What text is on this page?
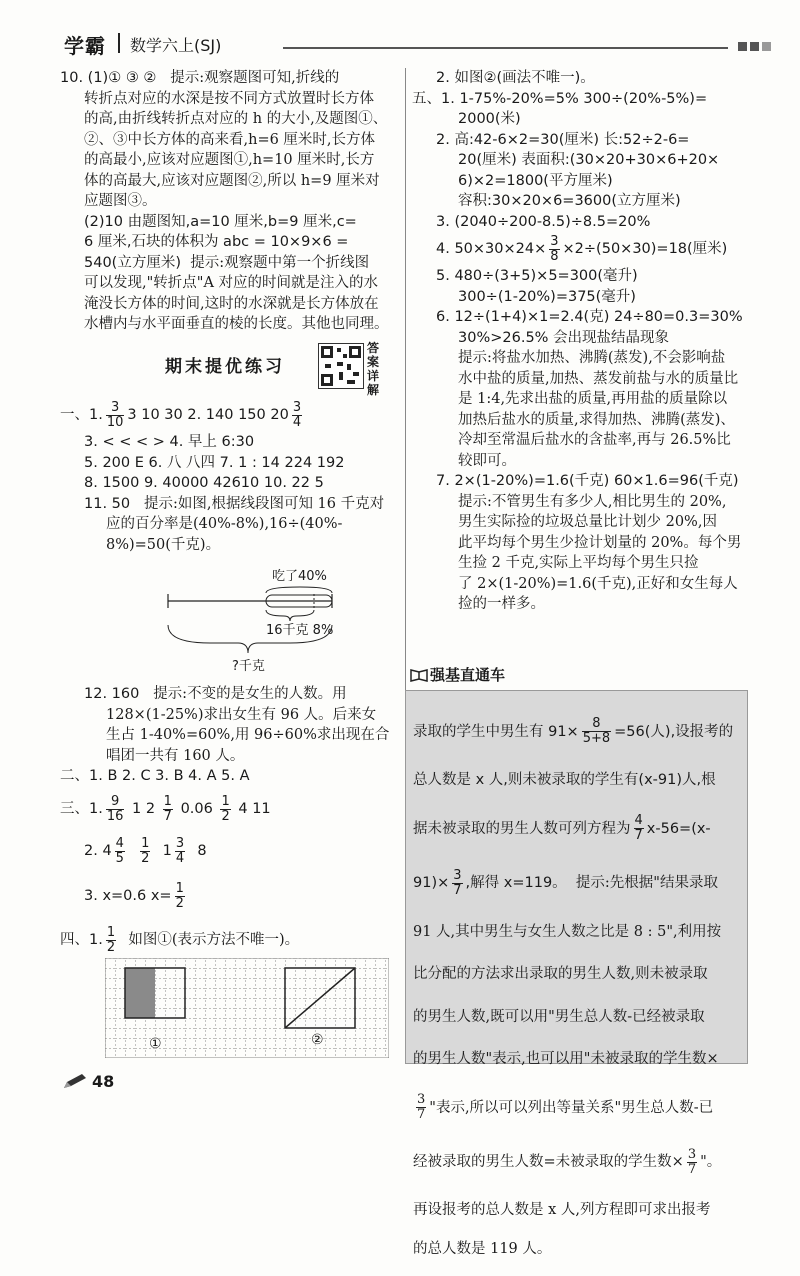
学霸 数学六上(SJ)

10. (1)① ③ ② 提示:观察题图可知,折线的

转折点对应的水深是按不同方式放置时长方体

的高,由折线转折点对应的 h 的大小,及题图①、

②、③中长方体的高来看,h=6 厘米时,长方体

的高最小,应该对应题图①,h=10 厘米时,长方

体的高最大,应该对应题图②,所以 h=9 厘米对

应题图③。

(2)10 由题图知,a=10 厘米,b=9 厘米,c=

6 厘米,石块的体积为 abc = 10×9×6 =

540(立方厘米) 提示:观察题中第一个折线图

可以发现,"转折点"A 对应的时间就是注入的水

淹没长方体的时间,这时的水深就是长方体放在

水槽内与水平面垂直的棱的长度。其他也同理。

期末提优练习
答案详解

一、1. $\frac{3}{10} 3$ 10 30 2. 140 150 $20 \frac{3}{4}$

3. < < < > 4. 早上 6:30

5. 200 E 6. 八 八四 7. 1 : 14 224 192

8. 1500 9. 40000 42610 10. 22 5

11. 50 提示:如图,根据线段图可知 16 千克对

应的百分率是(40%-8%),16÷(40%-

8%)=50(千克)。

吃了40%
16千克 8%
?千克

12. 160 提示:不变的是女生的人数。用

128×(1-25%)求出女生有 96 人。后来女

生占 1-40%=60%,用 96÷60%求出现在合

唱团一共有 160 人。

二、1. B 2. C 3. B 4. A 5. A

三、1. $\frac{9}{16} 1$ $2 \frac{1}{7} 0.06 \frac{1}{2} 4$ 11

2. $4 \frac{4}{5}$
$\frac{1}{2} 1 \frac{3}{4} 8$

3. x=0.6 $x= \frac{1}{2}$

四、1. $\frac{1}{2}$ 如图①(表示方法不唯一)。

①	②

2. 如图②(画法不唯一)。

五、1. 1-75%-20%=5% 300÷(20%-5%)=

2000(米)

2. 高:42-6×2=30(厘米) 长:52÷2-6=

20(厘米) 表面积:(30×20+30×6+20×

6)×2=1800(平方厘米)

容积:30×20×6=3600(立方厘米)

3. (2040÷200-8.5)÷8.5=20%

4. $50\times 30\times 24\times \frac{3}{8} \times 2\div(50\times 30)=18$(厘米)

5. 480÷(3+5)×5=300(毫升)

300÷(1-20%)=375(毫升)

6. 12÷(1+4)×1=2.4(克) 24÷80=0.3=30%

30%>26.5% 会出现盐结晶现象

提示:将盐水加热、沸腾(蒸发),不会影响盐

水中盐的质量,加热、蒸发前盐与水的质量比

是 1:4,先求出盐的质量,再用盐的质量除以

加热后盐水的质量,求得加热、沸腾(蒸发)、

冷却至常温后盐水的含盐率,再与 26.5%比

较即可。

7. 2×(1-20%)=1.6(千克) 60×1.6=96(千克)

提示:不管男生有多少人,相比男生的 20%,

男生实际捡的垃圾总量比计划少 20%,因

此平均每个男生少捡计划量的 20%。每个男

生捡 2 千克,实际上平均每个男生只捡

了 2×(1-20%)=1.6(千克),正好和女生每人

捡的一样多。

强基直通车

录取的学生中男生有 $91\times \frac{8}{5+8} =56$(人),设报考的

总人数是 x 人,则未被录取的学生有(x-91)人,根

据未被录取的男生人数可列方程为 $\frac{4}{7} x-56=(x-$

$91)\times \frac{3}{7}$ ,解得 x=119。 提示:先根据"结果录取

91 人,其中男生与女生人数之比是 8 : 5",利用按

比分配的方法求出录取的男生人数,则未被录取

的男生人数,既可以用"男生总人数-已经被录取

的男生人数"表示,也可以用"未被录取的学生数×

$\frac{3}{7}$ "表示,所以可以列出等量关系"男生总人数-已

经被录取的男生人数=未被录取的学生数× $\frac{3}{7}$ "。

再设报考的总人数是 x 人,列方程即可求出报考

的总人数是 119 人。

48
